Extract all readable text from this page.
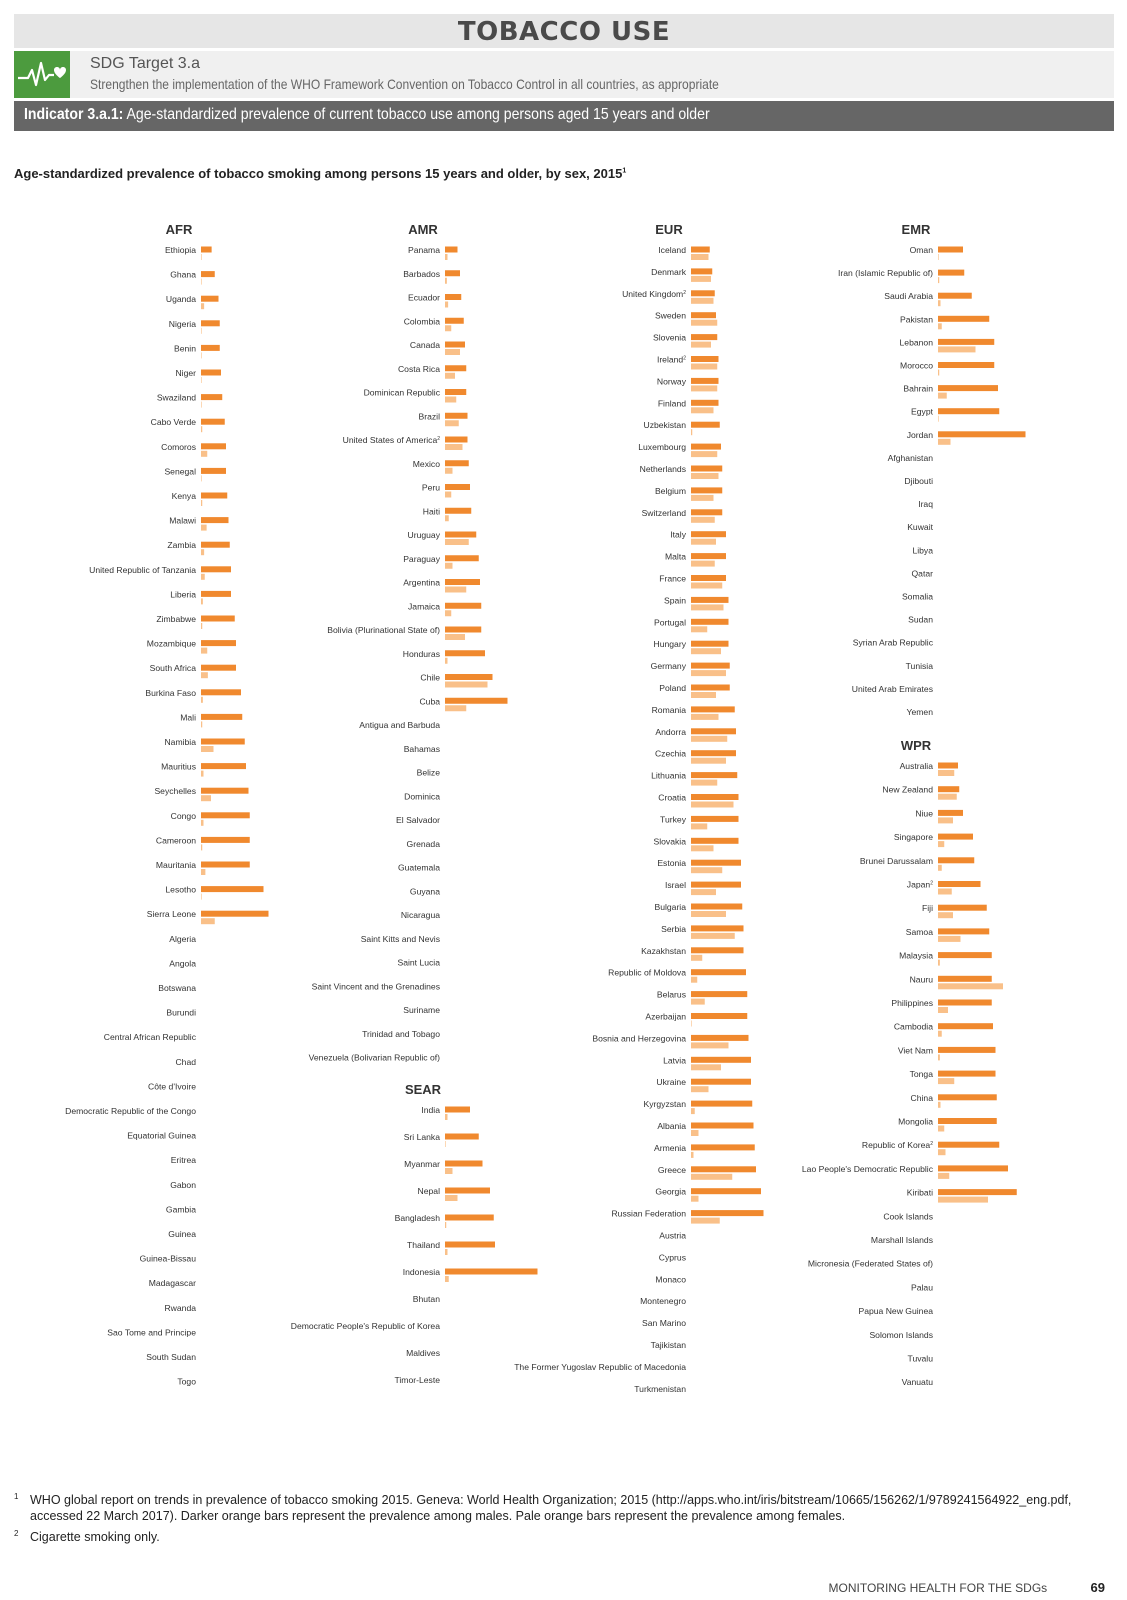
TOBACCO USE
SDG Target 3.a
Strengthen the implementation of the WHO Framework Convention on Tobacco Control in all countries, as appropriate
Indicator 3.a.1: Age-standardized prevalence of current tobacco use among persons aged 15 years and older
Age-standardized prevalence of tobacco smoking among persons 15 years and older, by sex, 2015$^1$
AFR
Ethiopia
Ghana
Uganda
Nigeria
Benin
Niger
Swaziland
Cabo Verde
Comoros
Senegal
Kenya
Malawi
Zambia
United Republic of Tanzania
Liberia
Zimbabwe
Mozambique
South Africa
Burkina Faso
Mali
Namibia
Mauritius
Seychelles
Congo
Cameroon
Mauritania
Lesotho
Sierra Leone
Algeria
Angola
Botswana
Burundi
Central African Republic
Chad
Côte d'Ivoire
Democratic Republic of the Congo
Equatorial Guinea
Eritrea
Gabon
Gambia
Guinea
Guinea-Bissau
Madagascar
Rwanda
Sao Tome and Principe
South Sudan
Togo
AMR
Panama
Barbados
Ecuador
Colombia
Canada
Costa Rica
Dominican Republic
Brazil
United States of America$^2$
Mexico
Peru
Haiti
Uruguay
Paraguay
Argentina
Jamaica
Bolivia (Plurinational State of)
Honduras
Chile
Cuba
Antigua and Barbuda
Bahamas
Belize
Dominica
El Salvador
Grenada
Guatemala
Guyana
Nicaragua
Saint Kitts and Nevis
Saint Lucia
Saint Vincent and the Grenadines
Suriname
Trinidad and Tobago
Venezuela (Bolivarian Republic of)
SEAR
India
Sri Lanka
Myanmar
Nepal
Bangladesh
Thailand
Indonesia
Bhutan
Democratic People's Republic of Korea
Maldives
Timor-Leste
EUR
Iceland
Denmark
United Kingdom$^2$
Sweden
Slovenia
Ireland$^2$
Norway
Finland
Uzbekistan
Luxembourg
Netherlands
Belgium
Switzerland
Italy
Malta
France
Spain
Portugal
Hungary
Germany
Poland
Romania
Andorra
Czechia
Lithuania
Croatia
Turkey
Slovakia
Estonia
Israel
Bulgaria
Serbia
Kazakhstan
Republic of Moldova
Belarus
Azerbaijan
Bosnia and Herzegovina
Latvia
Ukraine
Kyrgyzstan
Albania
Armenia
Greece
Georgia
Russian Federation
Austria
Cyprus
Monaco
Montenegro
San Marino
Tajikistan
The Former Yugoslav Republic of Macedonia
Turkmenistan
EMR
Oman
Iran (Islamic Republic of)
Saudi Arabia
Pakistan
Lebanon
Morocco
Bahrain
Egypt
Jordan
Afghanistan
Djibouti
Iraq
Kuwait
Libya
Qatar
Somalia
Sudan
Syrian Arab Republic
Tunisia
United Arab Emirates
Yemen
WPR
Australia
New Zealand
Niue
Singapore
Brunei Darussalam
Japan$^2$
Fiji
Samoa
Malaysia
Nauru
Philippines
Cambodia
Viet Nam
Tonga
China
Mongolia
Republic of Korea$^2$
Lao People's Democratic Republic
Kiribati
Cook Islands
Marshall Islands
Micronesia (Federated States of)
Palau
Papua New Guinea
Solomon Islands
Tuvalu
Vanuatu
1 WHO global report on trends in prevalence of tobacco smoking 2015. Geneva: World Health Organization; 2015 (http://apps.who.int/iris/bitstream/10665/156262/1/9789241564922_eng.pdf, accessed 22 March 2017). Darker orange bars represent the prevalence among males. Pale orange bars represent the prevalence among females.
2 Cigarette smoking only.
MONITORING HEALTH FOR THE SDGs	69
